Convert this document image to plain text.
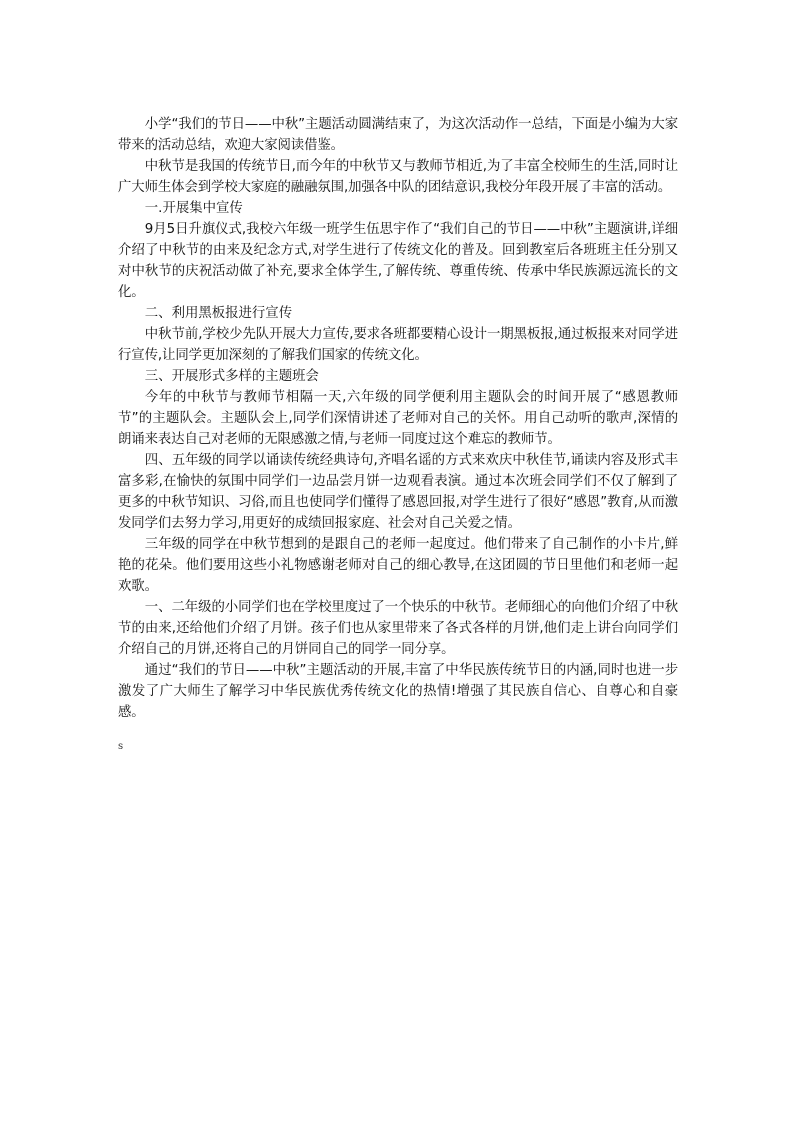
小学“我们的节日——中秋”主题活动圆满结束了，为这次活动作一总结，下面是小编为大家带来的活动总结，欢迎大家阅读借鉴。

中秋节是我国的传统节日,而今年的中秋节又与教师节相近,为了丰富全校师生的生活,同时让广大师生体会到学校大家庭的融融氛围,加强各中队的团结意识,我校分年段开展了丰富的活动。

一.开展集中宣传

9月5日升旗仪式,我校六年级一班学生伍思宇作了“我们自己的节日——中秋”主题演讲,详细介绍了中秋节的由来及纪念方式,对学生进行了传统文化的普及。回到教室后各班班主任分别又对中秋节的庆祝活动做了补充,要求全体学生,了解传统、尊重传统、传承中华民族源远流长的文化。

二、利用黑板报进行宣传

中秋节前,学校少先队开展大力宣传,要求各班都要精心设计一期黑板报,通过板报来对同学进行宣传,让同学更加深刻的了解我们国家的传统文化。

三、开展形式多样的主题班会

今年的中秋节与教师节相隔一天,六年级的同学便利用主题队会的时间开展了“感恩教师节”的主题队会。主题队会上,同学们深情讲述了老师对自己的关怀。用自己动听的歌声,深情的朗诵来表达自己对老师的无限感激之情,与老师一同度过这个难忘的教师节。

四、五年级的同学以诵读传统经典诗句,齐唱名谣的方式来欢庆中秋佳节,诵读内容及形式丰富多彩,在愉快的氛围中同学们一边品尝月饼一边观看表演。通过本次班会同学们不仅了解到了更多的中秋节知识、习俗,而且也使同学们懂得了感恩回报,对学生进行了很好“感恩”教育,从而激发同学们去努力学习,用更好的成绩回报家庭、社会对自己关爱之情。

三年级的同学在中秋节想到的是跟自己的老师一起度过。他们带来了自己制作的小卡片,鲜艳的花朵。他们要用这些小礼物感谢老师对自己的细心教导,在这团圆的节日里他们和老师一起欢歌。

一、二年级的小同学们也在学校里度过了一个快乐的中秋节。老师细心的向他们介绍了中秋节的由来,还给他们介绍了月饼。孩子们也从家里带来了各式各样的月饼,他们走上讲台向同学们介绍自己的月饼,还将自己的月饼同自己的同学一同分享。

通过“我们的节日——中秋”主题活动的开展,丰富了中华民族传统节日的内涵,同时也进一步激发了广大师生了解学习中华民族优秀传统文化的热情!增强了其民族自信心、自尊心和自豪感。

s
